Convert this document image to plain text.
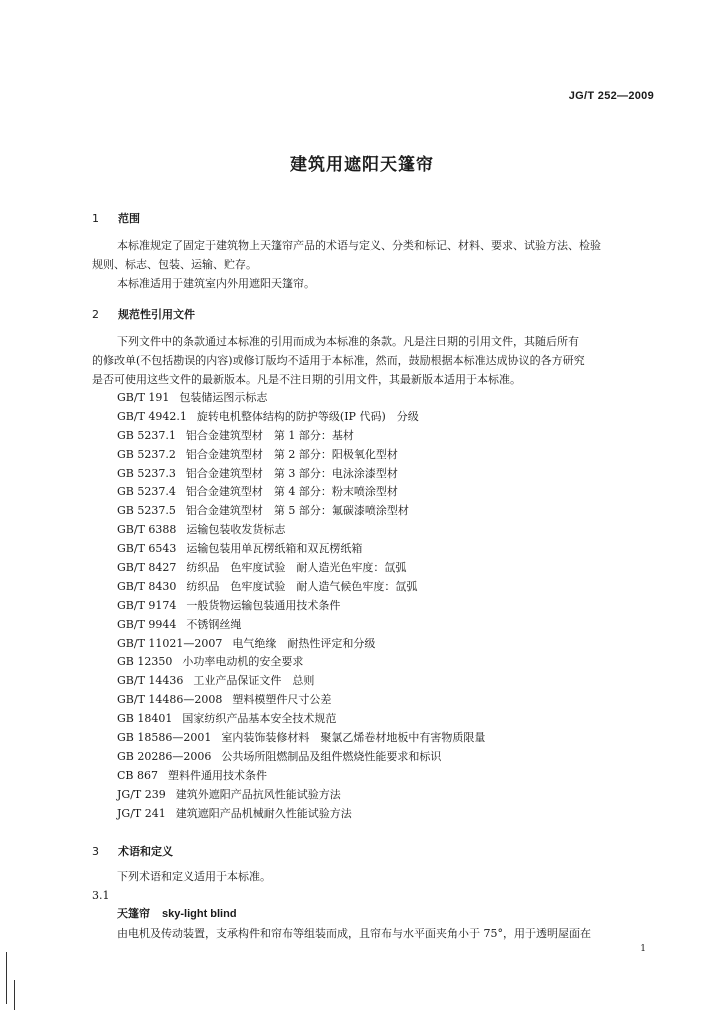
JG/T 252—2009
建筑用遮阳天篷帘
1 范围
本标准规定了固定于建筑物上天篷帘产品的术语与定义、分类和标记、材料、要求、试验方法、检验
规则、标志、包装、运输、贮存。
本标准适用于建筑室内外用遮阳天篷帘。
2 规范性引用文件
下列文件中的条款通过本标准的引用而成为本标准的条款。凡是注日期的引用文件，其随后所有
的修改单(不包括勘误的内容)或修订版均不适用于本标准，然而，鼓励根据本标准达成协议的各方研究
是否可使用这些文件的最新版本。凡是不注日期的引用文件，其最新版本适用于本标准。
GB/T 191 包装储运图示标志
GB/T 4942.1 旋转电机整体结构的防护等级(IP 代码)　分级
GB 5237.1 铝合金建筑型材　第 1 部分：基材
GB 5237.2 铝合金建筑型材　第 2 部分：阳极氧化型材
GB 5237.3 铝合金建筑型材　第 3 部分：电泳涂漆型材
GB 5237.4 铝合金建筑型材　第 4 部分：粉末喷涂型材
GB 5237.5 铝合金建筑型材　第 5 部分：氟碳漆喷涂型材
GB/T 6388 运输包装收发货标志
GB/T 6543 运输包装用单瓦楞纸箱和双瓦楞纸箱
GB/T 8427 纺织品　色牢度试验　耐人造光色牢度：氙弧
GB/T 8430 纺织品　色牢度试验　耐人造气候色牢度：氙弧
GB/T 9174 一般货物运输包装通用技术条件
GB/T 9944 不锈钢丝绳
GB/T 11021—2007 电气绝缘　耐热性评定和分级
GB 12350 小功率电动机的安全要求
GB/T 14436 工业产品保证文件　总则
GB/T 14486—2008 塑料模塑件尺寸公差
GB 18401 国家纺织产品基本安全技术规范
GB 18586—2001 室内装饰装修材料　聚氯乙烯卷材地板中有害物质限量
GB 20286—2006 公共场所阻燃制品及组件燃烧性能要求和标识
CB 867 塑料件通用技术条件
JG/T 239 建筑外遮阳产品抗风性能试验方法
JG/T 241 建筑遮阳产品机械耐久性能试验方法
3 术语和定义
下列术语和定义适用于本标准。
3.1
天篷帘 sky-light blind
由电机及传动装置，支承构件和帘布等组装而成，且帘布与水平面夹角小于 75°，用于透明屋面在
1
